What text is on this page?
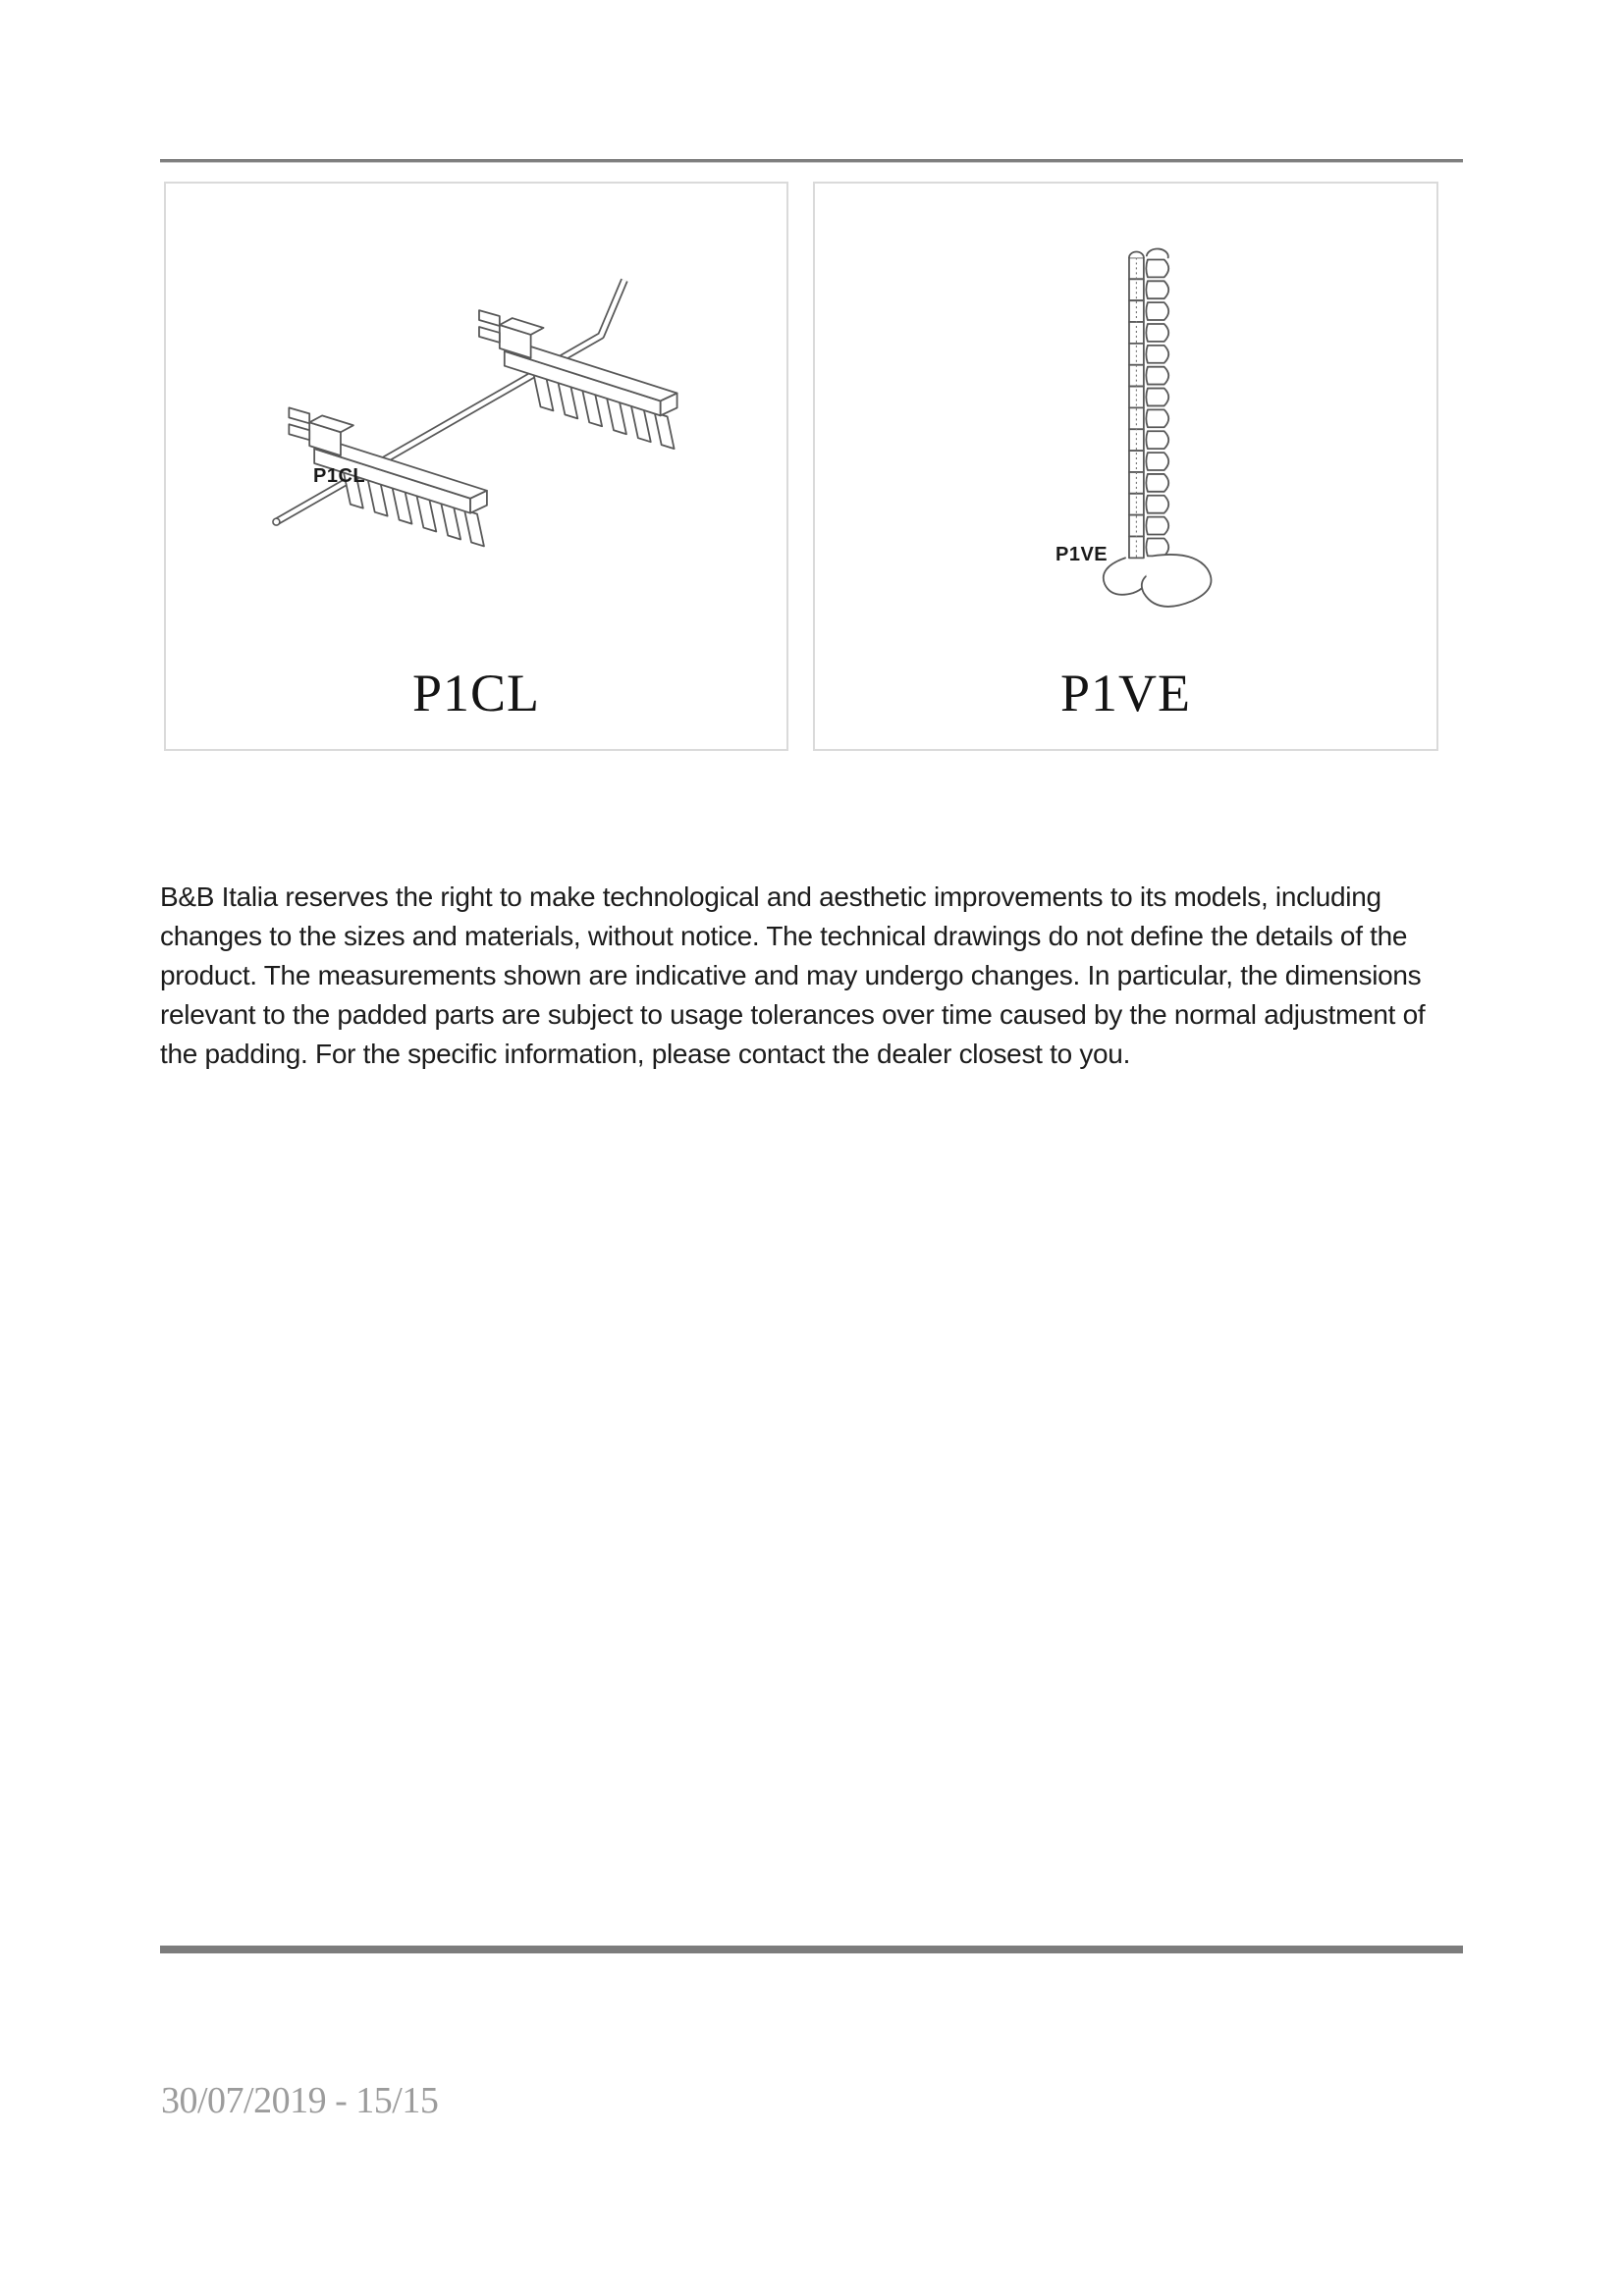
P1CL
P1CL
P1VE
P1VE
B&B Italia reserves the right to make technological and aesthetic improvements to its models, including
changes to the sizes and materials, without notice. The technical drawings do not define the details of the
product. The measurements shown are indicative and may undergo changes. In particular, the dimensions
relevant to the padded parts are subject to usage tolerances over time caused by the normal adjustment of
the padding. For the specific information, please contact the dealer closest to you.
30/07/2019 - 15/15
